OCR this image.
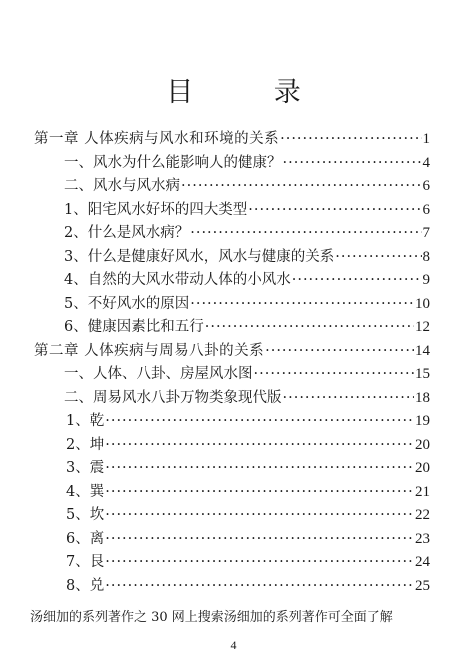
目 录
第一章 人体疾病与风水和环境的关系 ·····	1
一、风水为什么能影响人的健康？ ·····	4
二、风水与风水病 ·····	6
1、阳宅风水好坏的四大类型 ·····	6
2、什么是风水病？ ·····	7
3、什么是健康好风水，风水与健康的关系 ·····	8
4、自然的大风水带动人体的小风水 ·····	9
5、不好风水的原因 ·····	10
6、健康因素比和五行 ·····	12
第二章 人体疾病与周易八卦的关系 ·····	14
一、人体、八卦、房屋风水图 ·····	15
二、周易风水八卦万物类象现代版 ·····	18
1、乾 ·····	19
2、坤 ·····	20
3、震 ·····	20
4、巽 ·····	21
5、坎 ·····	22
6、离 ·····	23
7、艮 ·····	24
8、兑 ·····	25
汤细加的系列著作之 30 网上搜索汤细加的系列著作可全面了解
4
